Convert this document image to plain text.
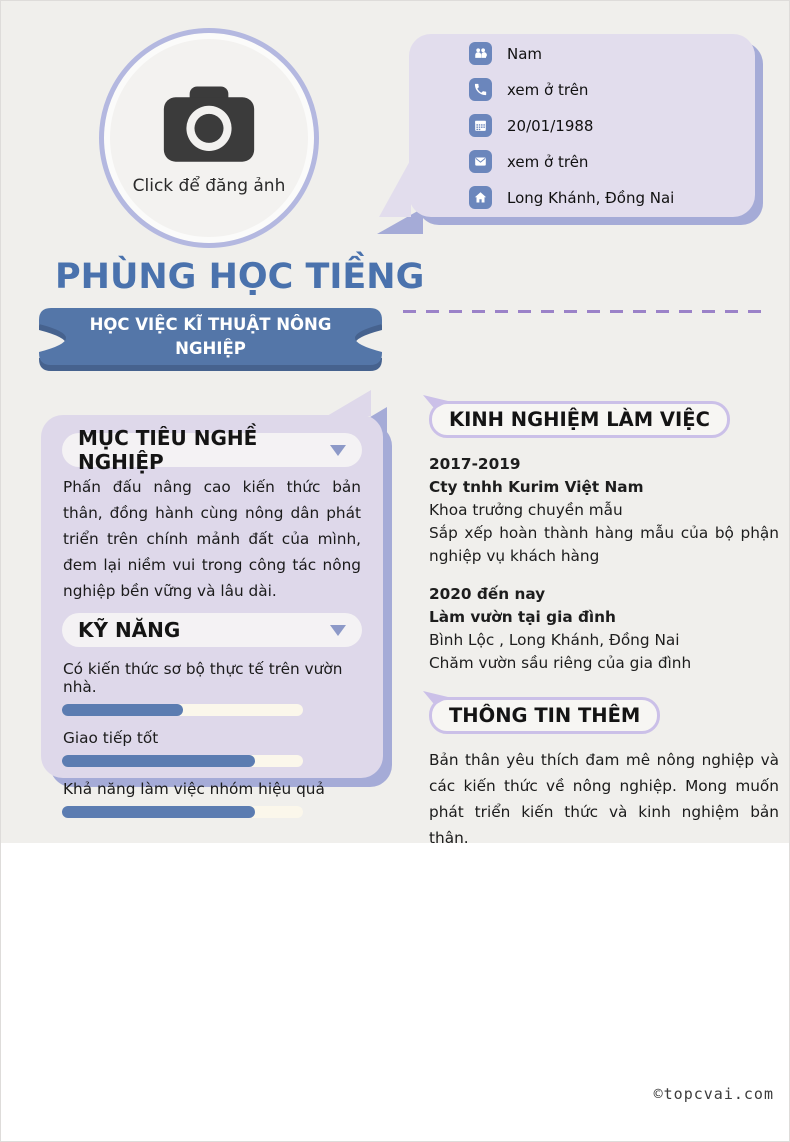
Click để đăng ảnh
Nam
xem ở trên
20/01/1988
xem ở trên
Long Khánh, Đồng Nai
PHÙNG HỌC TIỀNG
HỌC VIỆC KĨ THUẬT NÔNG
NGHIỆP
MỤC TIÊU NGHỀ NGHIỆP
Phấn đấu nâng cao kiến thức bản thân, đồng hành cùng nông dân phát triển trên chính mảnh đất của mình, đem lại niềm vui trong công tác nông nghiệp bền vững và lâu dài.
KỸ NĂNG
Có kiến thức sơ bộ thực tế trên vườn nhà.
Giao tiếp tốt
Khả năng làm việc nhóm hiệu quả
KINH NGHIỆM LÀM VIỆC
2017-2019
Cty tnhh Kurim Việt Nam
Khoa trưởng chuyền mẫu
Sắp xếp hoàn thành hàng mẫu của bộ phận nghiệp vụ khách hàng
2020 đến nay
Làm vườn tại gia đình
Bình Lộc , Long Khánh, Đồng Nai
Chăm vườn sầu riêng của gia đình
THÔNG TIN THÊM
Bản thân yêu thích đam mê nông nghiệp và các kiến thức về nông nghiệp. Mong muốn phát triển kiến thức và kinh nghiệm bản thân.
©topcvai.com
